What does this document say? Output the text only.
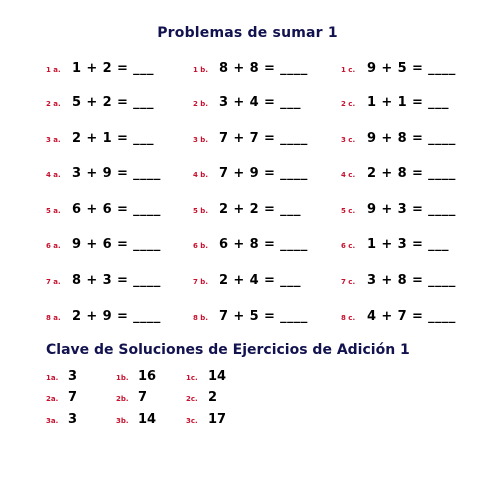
Problemas de sumar 1
1 a. 1 + 2 = ___	1 b. 8 + 8 = ____	1 c. 9 + 5 = ____
2 a. 5 + 2 = ___	2 b. 3 + 4 = ___	2 c. 1 + 1 = ___
3 a. 2 + 1 = ___	3 b. 7 + 7 = ____	3 c. 9 + 8 = ____
4 a. 3 + 9 = ____	4 b. 7 + 9 = ____	4 c. 2 + 8 = ____
5 a. 6 + 6 = ____	5 b. 2 + 2 = ___	5 c. 9 + 3 = ____
6 a. 9 + 6 = ____	6 b. 6 + 8 = ____	6 c. 1 + 3 = ___
7 a. 8 + 3 = ____	7 b. 2 + 4 = ___	7 c. 3 + 8 = ____
8 a. 2 + 9 = ____	8 b. 7 + 5 = ____	8 c. 4 + 7 = ____
Clave de Soluciones de Ejercicios de Adición 1
1a. 3	1b. 16	1c. 14
2a. 7	2b. 7	2c. 2
3a. 3	3b. 14	3c. 17
